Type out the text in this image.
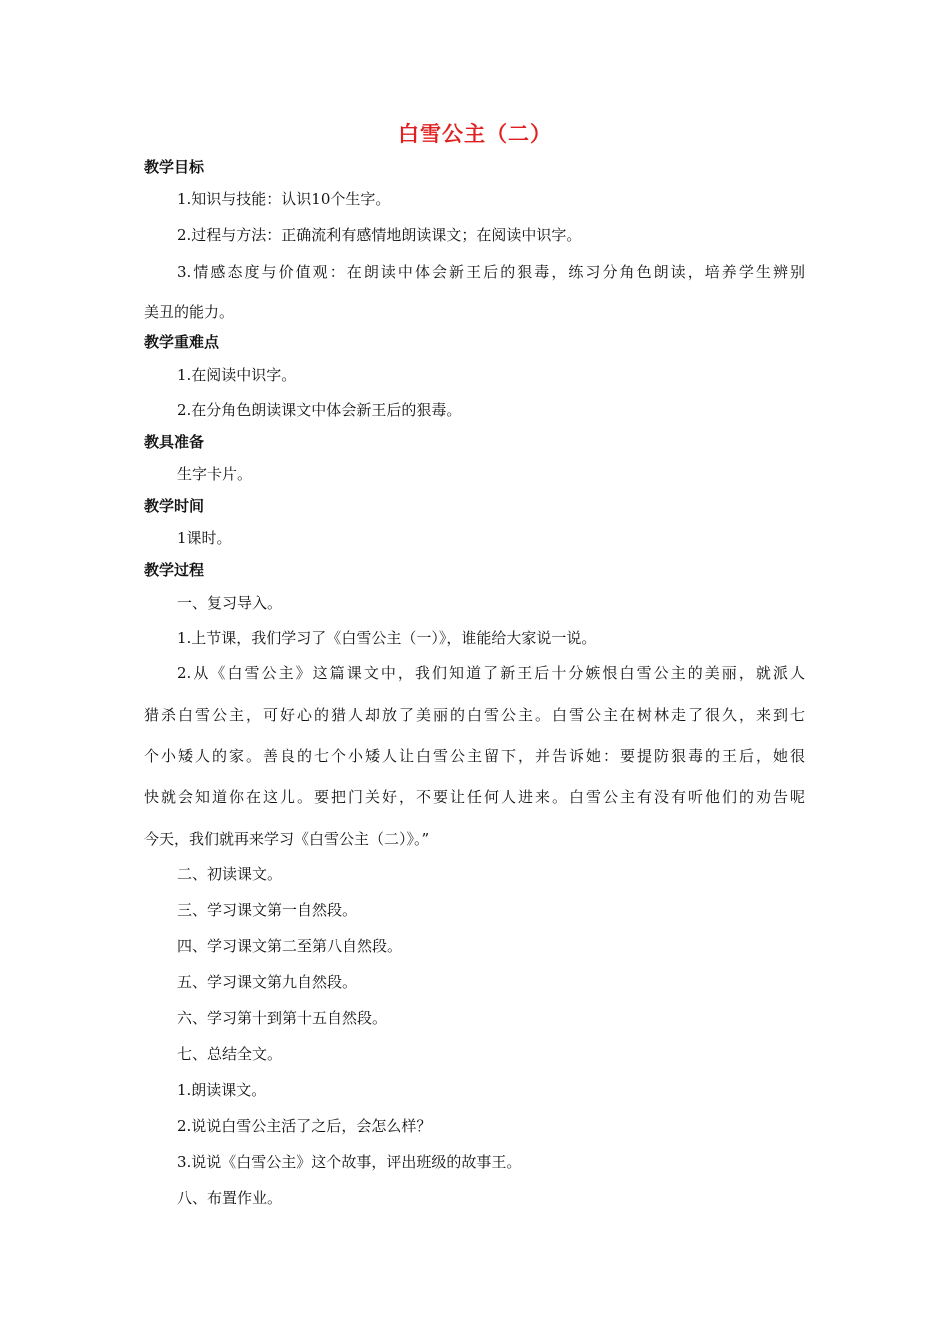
白雪公主（二）
教学目标
1.知识与技能：认识10个生字。
2.过程与方法：正确流利有感情地朗读课文；在阅读中识字。
3.情感态度与价值观：在朗读中体会新王后的狠毒，练习分角色朗读，培养学生辨别
美丑的能力。
教学重难点
1.在阅读中识字。
2.在分角色朗读课文中体会新王后的狠毒。
教具准备
生字卡片。
教学时间
1课时。
教学过程
一、复习导入。
1.上节课，我们学习了《白雪公主（一）》，谁能给大家说一说。
2.从《白雪公主》这篇课文中，我们知道了新王后十分嫉恨白雪公主的美丽，就派人
猎杀白雪公主，可好心的猎人却放了美丽的白雪公主。白雪公主在树林走了很久，来到七
个小矮人的家。善良的七个小矮人让白雪公主留下，并告诉她：要提防狠毒的王后，她很
快就会知道你在这儿。要把门关好，不要让任何人进来。白雪公主有没有听他们的劝告呢
今天，我们就再来学习《白雪公主（二）》。”
二、初读课文。
三、学习课文第一自然段。
四、学习课文第二至第八自然段。
五、学习课文第九自然段。
六、学习第十到第十五自然段。
七、总结全文。
1.朗读课文。
2.说说白雪公主活了之后，会怎么样？
3.说说《白雪公主》这个故事，评出班级的故事王。
八、布置作业。
